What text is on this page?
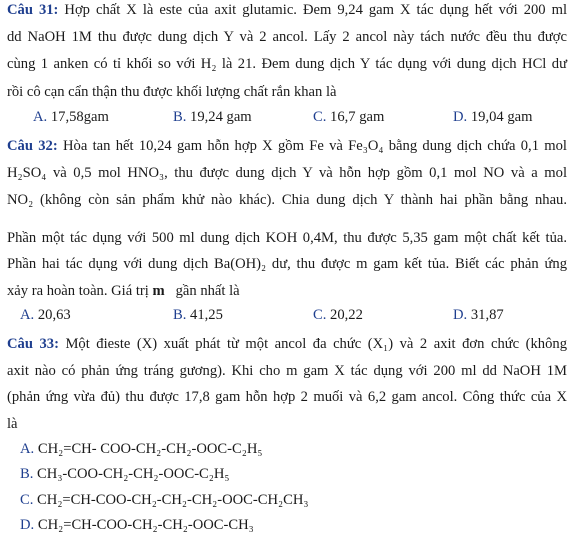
Câu 31: Hợp chất X là este của axit glutamic. Đem 9,24 gam X tác dụng hết với 200 ml
dd NaOH 1M thu được dung dịch Y và 2 ancol. Lấy 2 ancol này tách nước đều thu được
cùng 1 anken có tỉ khối so với H₂ là 21. Đem dung dịch Y tác dụng với dung dịch HCl dư
rồi cô cạn cẩn thận thu được khối lượng chất rắn khan là
A. 17,58gam	B. 19,24 gam	C. 16,7 gam	D. 19,04 gam
Câu 32: Hòa tan hết 10,24 gam hỗn hợp X gồm Fe và Fe₃O₄ bằng dung dịch chứa 0,1 mol
H₂SO₄ và 0,5 mol HNO₃, thu được dung dịch Y và hỗn hợp gồm 0,1 mol NO và a mol
NO₂ (không còn sản phẩm khử nào khác). Chia dung dịch Y thành hai phần bằng nhau.
Phần một tác dụng với 500 ml dung dịch KOH 0,4M, thu được 5,35 gam một chất kết tủa.
Phần hai tác dụng với dung dịch Ba(OH)₂ dư, thu được m gam kết tủa. Biết các phản ứng
xảy ra hoàn toàn. Giá trị m   gần nhất là
A. 20,63	B. 41,25	C. 20,22	D. 31,87
Câu 33: Một đieste (X) xuất phát từ một ancol đa chức (X₁) và 2 axit đơn chức (không
axit nào có phản ứng tráng gương). Khi cho m gam X tác dụng với 200 ml dd NaOH 1M
(phản ứng vừa đủ) thu được 17,8 gam hỗn hợp 2 muối và 6,2 gam ancol. Công thức của X
là
A. CH₂=CH- COO-CH₂-CH₂-OOC-C₂H₅
B. CH₃-COO-CH₂-CH₂-OOC-C₂H₅
C. CH₂=CH-COO-CH₂-CH₂-CH₂-OOC-CH₂CH₃
D. CH₂=CH-COO-CH₂-CH₂-OOC-CH₃
